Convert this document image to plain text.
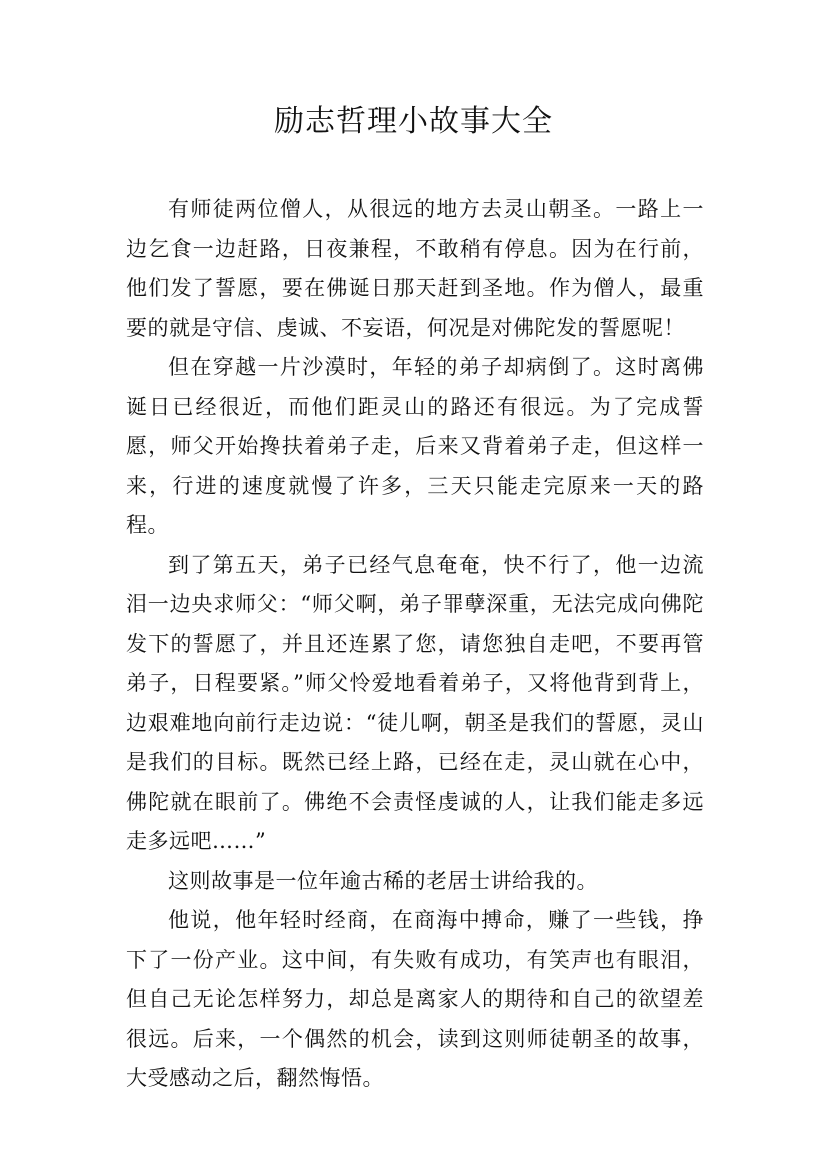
励志哲理小故事大全

有师徒两位僧人，从很远的地方去灵山朝圣。一路上一边乞食一边赶路，日夜兼程，不敢稍有停息。因为在行前，他们发了誓愿，要在佛诞日那天赶到圣地。作为僧人，最重要的就是守信、虔诚、不妄语，何况是对佛陀发的誓愿呢！

但在穿越一片沙漠时，年轻的弟子却病倒了。这时离佛诞日已经很近，而他们距灵山的路还有很远。为了完成誓愿，师父开始搀扶着弟子走，后来又背着弟子走，但这样一来，行进的速度就慢了许多，三天只能走完原来一天的路程。

到了第五天，弟子已经气息奄奄，快不行了，他一边流泪一边央求师父：“师父啊，弟子罪孽深重，无法完成向佛陀发下的誓愿了，并且还连累了您，请您独自走吧，不要再管弟子，日程要紧。”师父怜爱地看着弟子，又将他背到背上，边艰难地向前行走边说：“徒儿啊，朝圣是我们的誓愿，灵山是我们的目标。既然已经上路，已经在走，灵山就在心中，佛陀就在眼前了。佛绝不会责怪虔诚的人，让我们能走多远走多远吧……”

这则故事是一位年逾古稀的老居士讲给我的。

他说，他年轻时经商，在商海中搏命，赚了一些钱，挣下了一份产业。这中间，有失败有成功，有笑声也有眼泪，但自己无论怎样努力，却总是离家人的期待和自己的欲望差很远。后来，一个偶然的机会，读到这则师徒朝圣的故事，大受感动之后，翻然悔悟。
